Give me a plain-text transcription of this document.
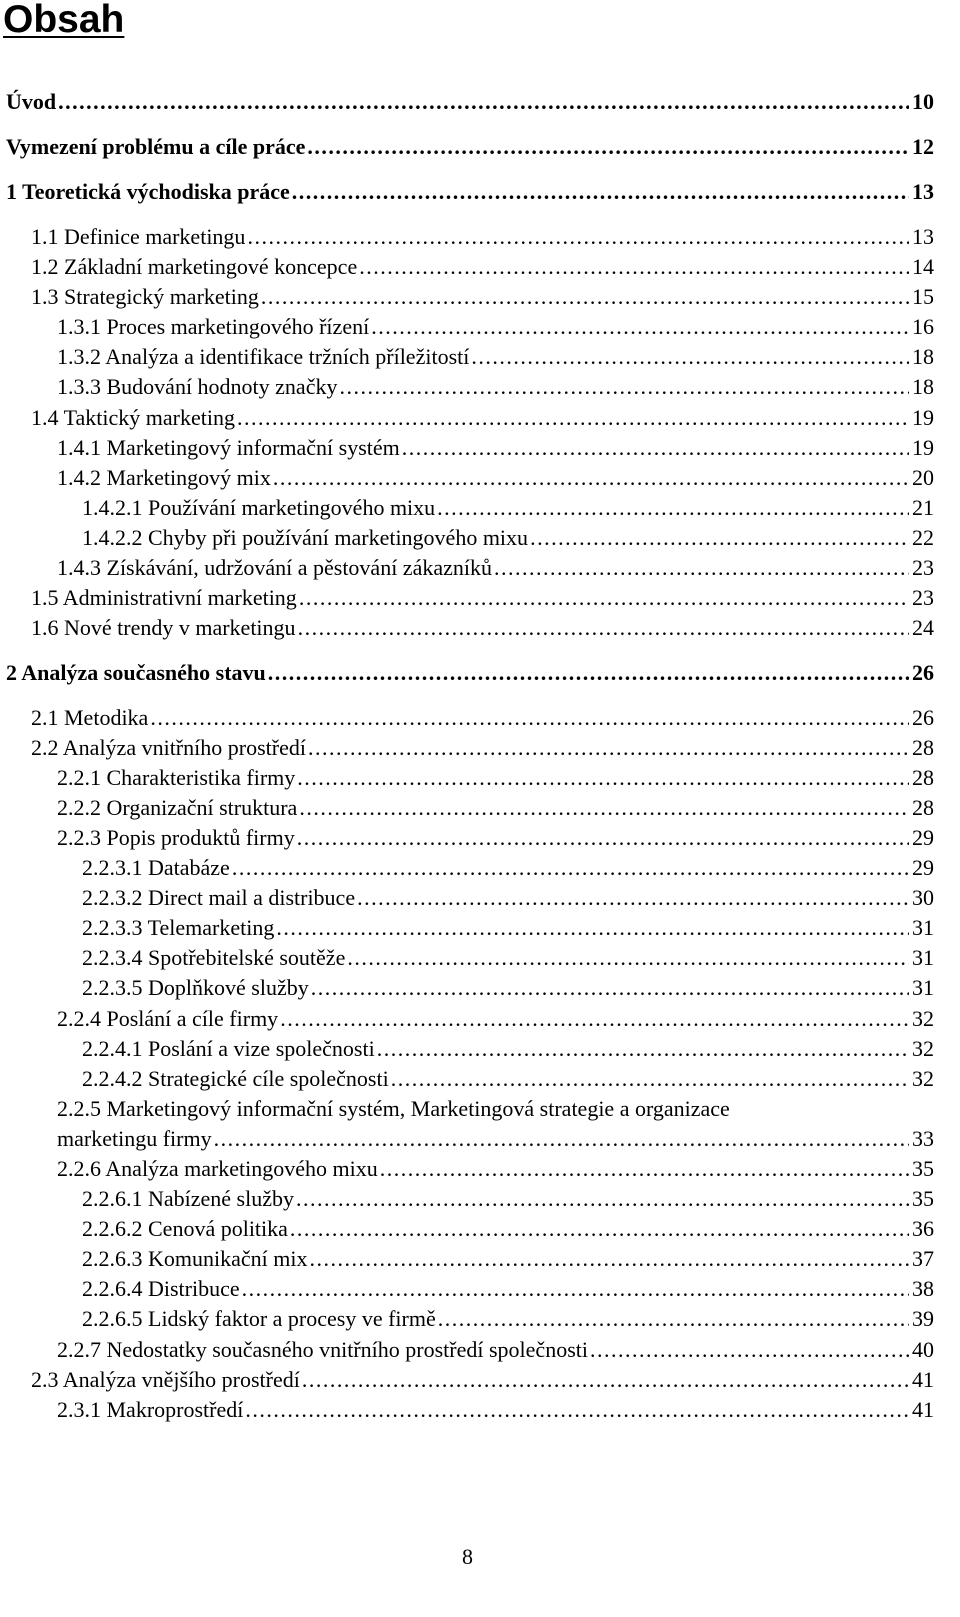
Obsah
Úvod . . .	10
Vymezení problému a cíle práce . . .	12
1 Teoretická východiska práce . . .	13
1.1 Definice marketingu . . .	13
1.2 Základní marketingové koncepce . . .	14
1.3 Strategický marketing . . .	15
1.3.1 Proces marketingového řízení . . .	16
1.3.2 Analýza a identifikace tržních příležitostí . . .	18
1.3.3 Budování hodnoty značky . . .	18
1.4 Taktický marketing . . .	19
1.4.1 Marketingový informační systém . . .	19
1.4.2 Marketingový mix . . .	20
1.4.2.1 Používání marketingového mixu . . .	21
1.4.2.2 Chyby při používání marketingového mixu . . .	22
1.4.3 Získávání, udržování a pěstování zákazníků . . .	23
1.5 Administrativní marketing . . .	23
1.6 Nové trendy v marketingu . . .	24
2 Analýza současného stavu . . .	26
2.1 Metodika . . .	26
2.2 Analýza vnitřního prostředí . . .	28
2.2.1 Charakteristika firmy . . .	28
2.2.2 Organizační struktura . . .	28
2.2.3 Popis produktů firmy . . .	29
2.2.3.1 Databáze . . .	29
2.2.3.2 Direct mail a distribuce . . .	30
2.2.3.3 Telemarketing . . .	31
2.2.3.4 Spotřebitelské soutěže . . .	31
2.2.3.5 Doplňkové služby . . .	31
2.2.4 Poslání a cíle firmy . . .	32
2.2.4.1 Poslání a vize společnosti . . .	32
2.2.4.2 Strategické cíle společnosti . . .	32
2.2.5 Marketingový informační systém, Marketingová strategie a organizace
marketingu firmy . . .	33
2.2.6 Analýza marketingového mixu . . .	35
2.2.6.1 Nabízené služby . . .	35
2.2.6.2 Cenová politika . . .	36
2.2.6.3 Komunikační mix . . .	37
2.2.6.4 Distribuce . . .	38
2.2.6.5 Lidský faktor a procesy ve firmě . . .	39
2.2.7 Nedostatky současného vnitřního prostředí společnosti . . .	40
2.3 Analýza vnějšího prostředí . . .	41
2.3.1 Makroprostředí . . .	41
8
